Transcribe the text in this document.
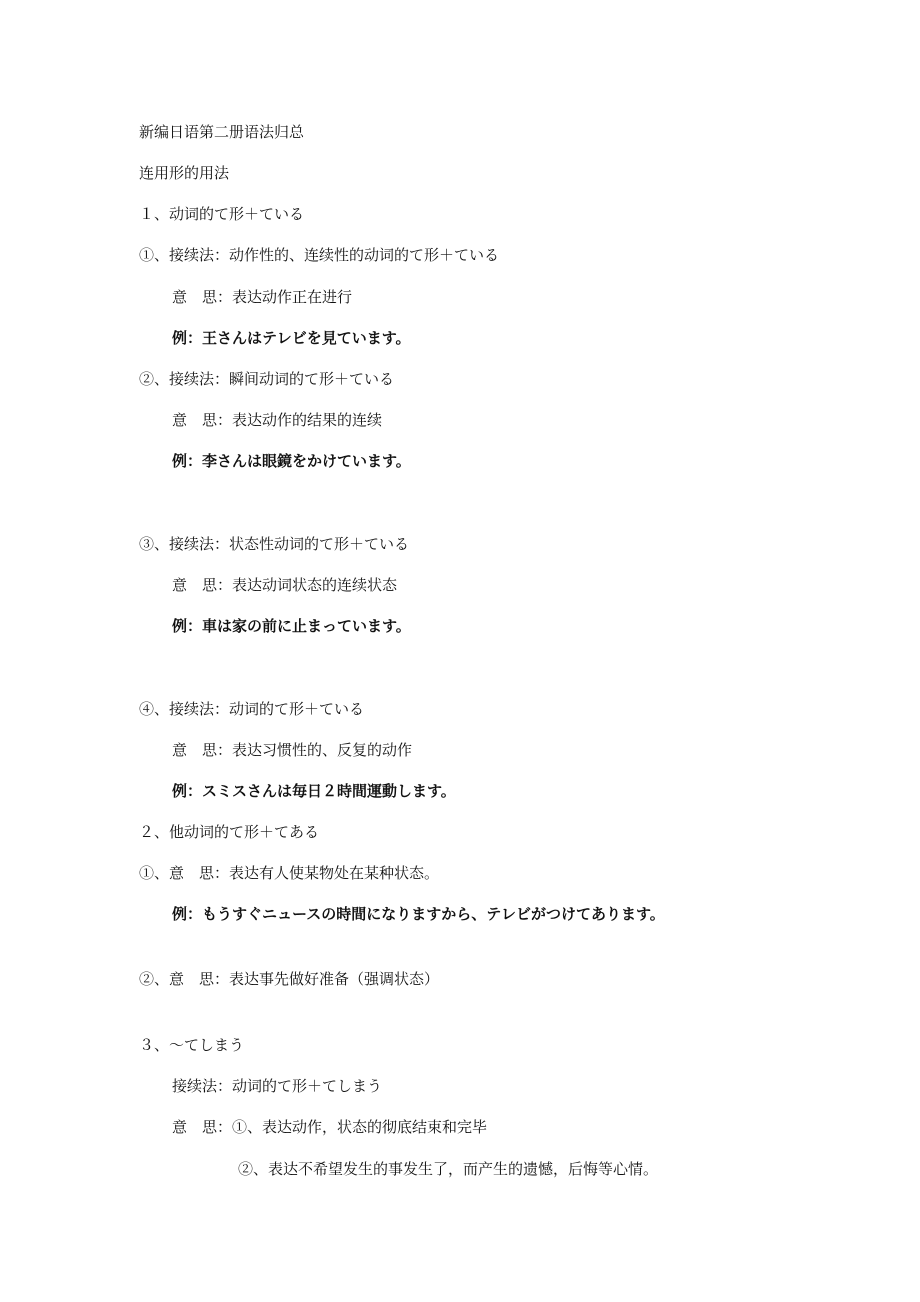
新编日语第二册语法归总

连用形的用法

１、动词的て形＋ている

①、接续法：动作性的、连续性的动词的て形＋ている

意　思：表达动作正在进行

例：王さんはテレビを見ています。

②、接续法：瞬间动词的て形＋ている

意　思：表达动作的结果的连续

例：李さんは眼鏡をかけています。

③、接续法：状态性动词的て形＋ている

意　思：表达动词状态的连续状态

例：車は家の前に止まっています。

④、接续法：动词的て形＋ている

意　思：表达习惯性的、反复的动作

例：スミスさんは毎日２時間運動します。

２、他动词的て形＋てある

①、意　思：表达有人使某物处在某种状态。

例：もうすぐニュースの時間になりますから、テレビがつけてあります。

②、意　思：表达事先做好准备（强调状态）

３、～てしまう

接续法：动词的て形＋てしまう

意　思：①、表达动作，状态的彻底结束和完毕

②、表达不希望发生的事发生了，而产生的遗憾，后悔等心情。
